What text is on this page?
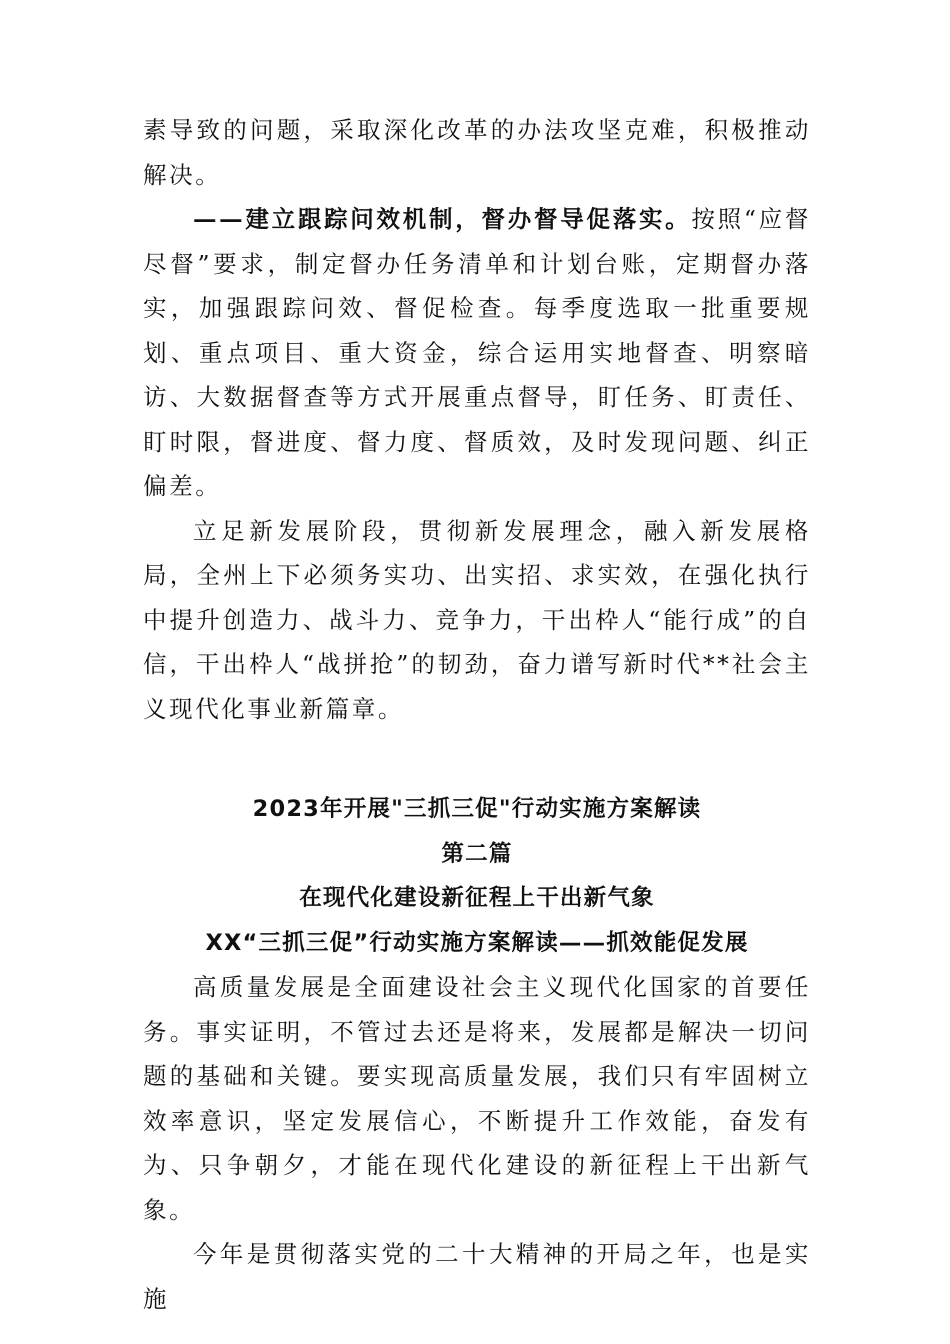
素导致的问题，采取深化改革的办法攻坚克难，积极推动解决。

——建立跟踪问效机制，督办督导促落实。按照“应督尽督”要求，制定督办任务清单和计划台账，定期督办落实，加强跟踪问效、督促检查。每季度选取一批重要规划、重点项目、重大资金，综合运用实地督查、明察暗访、大数据督查等方式开展重点督导，盯任务、盯责任、盯时限，督进度、督力度、督质效，及时发现问题、纠正偏差。

立足新发展阶段，贯彻新发展理念，融入新发展格局，全州上下必须务实功、出实招、求实效，在强化执行中提升创造力、战斗力、竞争力，干出枠人“能行成”的自信，干出枠人“战拼抢”的韧劲，奋力谱写新时代**社会主义现代化事业新篇章。

2023年开展"三抓三促"行动实施方案解读

第二篇

在现代化建设新征程上干出新气象

XX“三抓三促”行动实施方案解读——抓效能促发展

高质量发展是全面建设社会主义现代化国家的首要任务。事实证明，不管过去还是将来，发展都是解决一切问题的基础和关键。要实现高质量发展，我们只有牢固树立效率意识，坚定发展信心，不断提升工作效能，奋发有为、只争朝夕，才能在现代化建设的新征程上干出新气象。

今年是贯彻落实党的二十大精神的开局之年，也是实施
